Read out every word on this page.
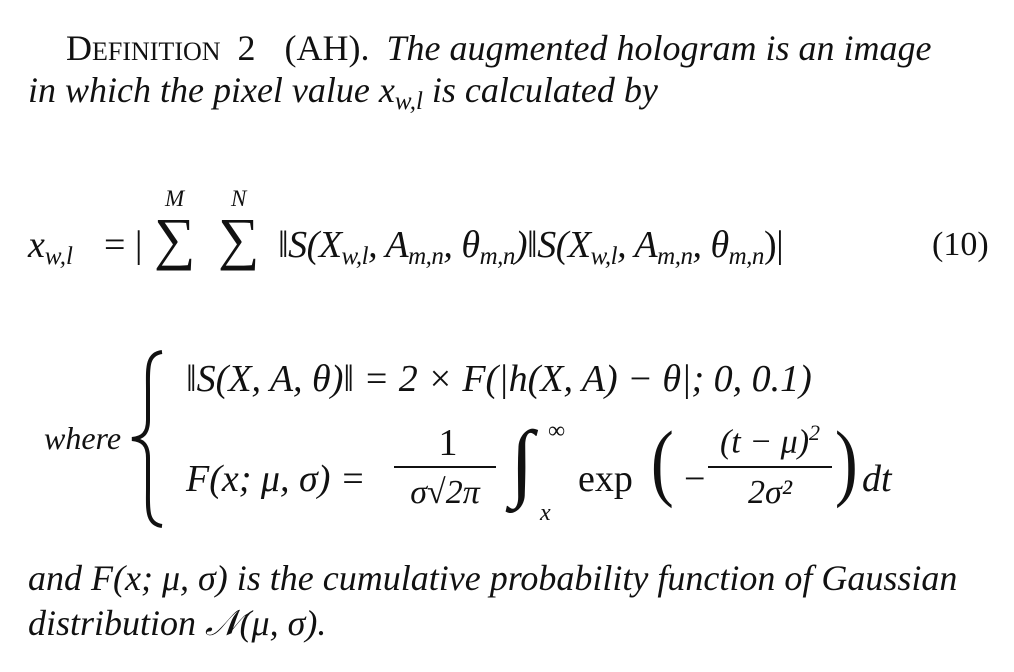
DEFINITION 2 (AH). The augmented hologram is an image
in which the pixel value $x_{w,l}$ is calculated by
$x_{w,l}$ = |
M
∑
N
∑ $‖S(X_{w,l}$, $A_{m,n}$, $\theta_{m,n})‖S(X_{w,l}$, $A_{m,n}$, $\theta_{m,n})|$	(10)
where
‖S(X, A, θ)‖ = 2 × F(|h(X, A) − θ|; 0, 0.1)
F(x; μ, σ) =
1
σ√2π ∫ ∞
x
exp ( −
$(t - \mu)^2$
2σ² ) dt
and F(x; μ, σ) is the cumulative probability function of Gaussian
distribution 𝒩(μ, σ).
